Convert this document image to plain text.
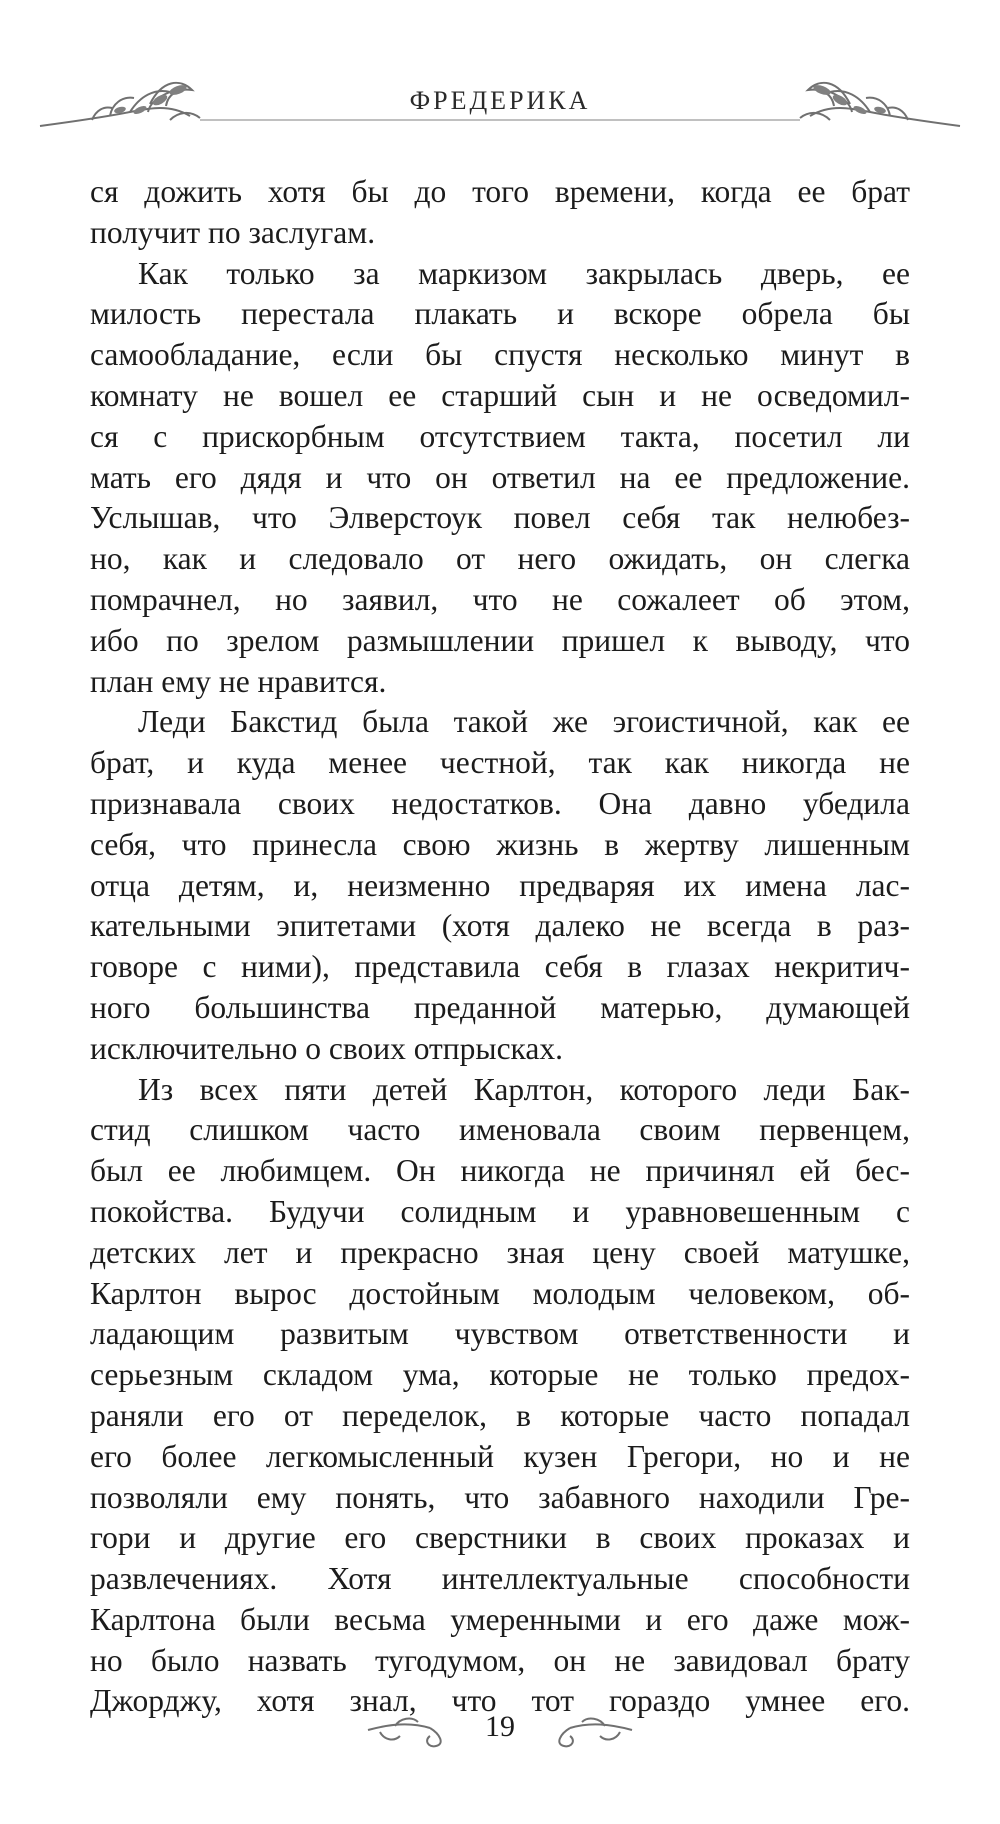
ФРЕДЕРИКА
ся дожить хотя бы до того времени, когда ее брат
получит по заслугам.
Как только за маркизом закрылась дверь, ее
милость перестала плакать и вскоре обрела бы
самообладание, если бы спустя несколько минут в
комнату не вошел ее старший сын и не осведомил-
ся с прискорбным отсутствием такта, посетил ли
мать его дядя и что он ответил на ее предложение.
Услышав, что Элверстоук повел себя так нелюбез-
но, как и следовало от него ожидать, он слегка
помрачнел, но заявил, что не сожалеет об этом,
ибо по зрелом размышлении пришел к выводу, что
план ему не нравится.
Леди Бакстид была такой же эгоистичной, как ее
брат, и куда менее честной, так как никогда не
признавала своих недостатков. Она давно убедила
себя, что принесла свою жизнь в жертву лишенным
отца детям, и, неизменно предваряя их имена лас-
кательными эпитетами (хотя далеко не всегда в раз-
говоре с ними), представила себя в глазах некритич-
ного большинства преданной матерью, думающей
исключительно о своих отпрысках.
Из всех пяти детей Карлтон, которого леди Бак-
стид слишком часто именовала своим первенцем,
был ее любимцем. Он никогда не причинял ей бес-
покойства. Будучи солидным и уравновешенным с
детских лет и прекрасно зная цену своей матушке,
Карлтон вырос достойным молодым человеком, об-
ладающим развитым чувством ответственности и
серьезным складом ума, которые не только предох-
раняли его от переделок, в которые часто попадал
его более легкомысленный кузен Грегори, но и не
позволяли ему понять, что забавного находили Гре-
гори и другие его сверстники в своих проказах и
развлечениях. Хотя интеллектуальные способности
Карлтона были весьма умеренными и его даже мож-
но было назвать тугодумом, он не завидовал брату
Джорджу, хотя знал, что тот гораздо умнее его.
19
